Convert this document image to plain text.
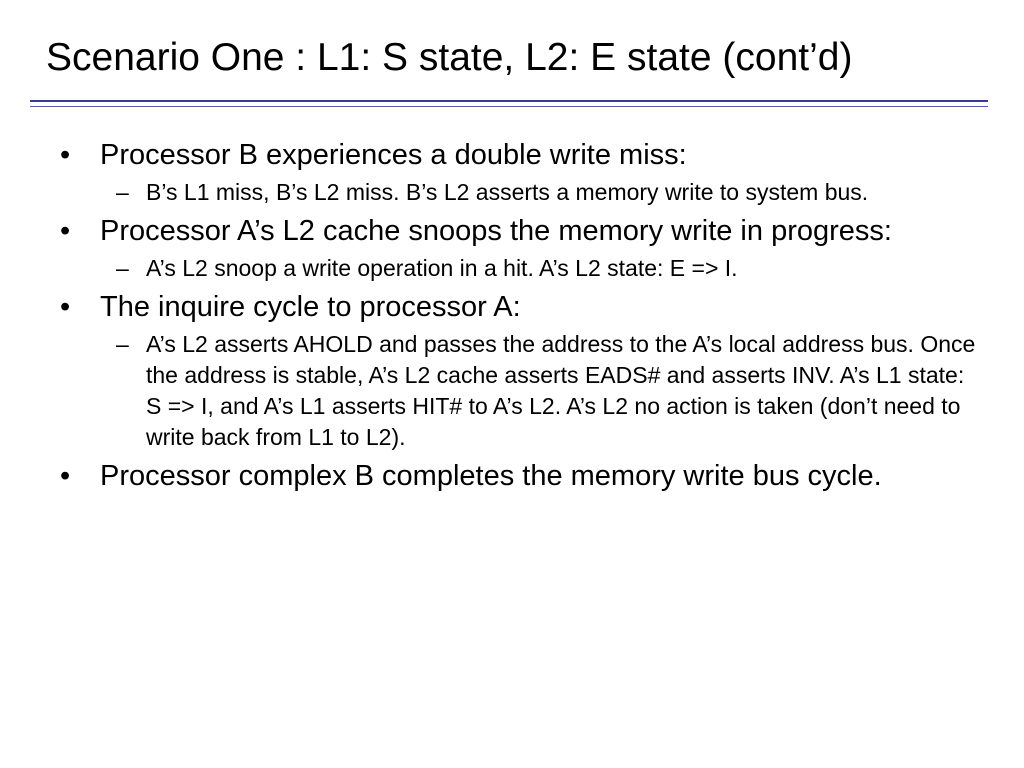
Scenario One : L1: S state, L2: E state (cont’d)
• Processor B experiences a double write miss:
– B’s L1 miss, B’s L2 miss. B’s L2 asserts a memory write to system bus.
• Processor A’s L2 cache snoops the memory write in progress:
– A’s L2 snoop a write operation in a hit. A’s L2 state: E => I.
• The inquire cycle to processor A:
– A’s L2 asserts AHOLD and passes the address to the A’s local address bus. Once the address is stable, A’s L2 cache asserts EADS# and asserts INV. A’s L1 state: S => I, and A’s L1 asserts HIT# to A’s L2. A’s L2 no action is taken (don’t need to write back from L1 to L2).
• Processor complex B completes the memory write bus cycle.
